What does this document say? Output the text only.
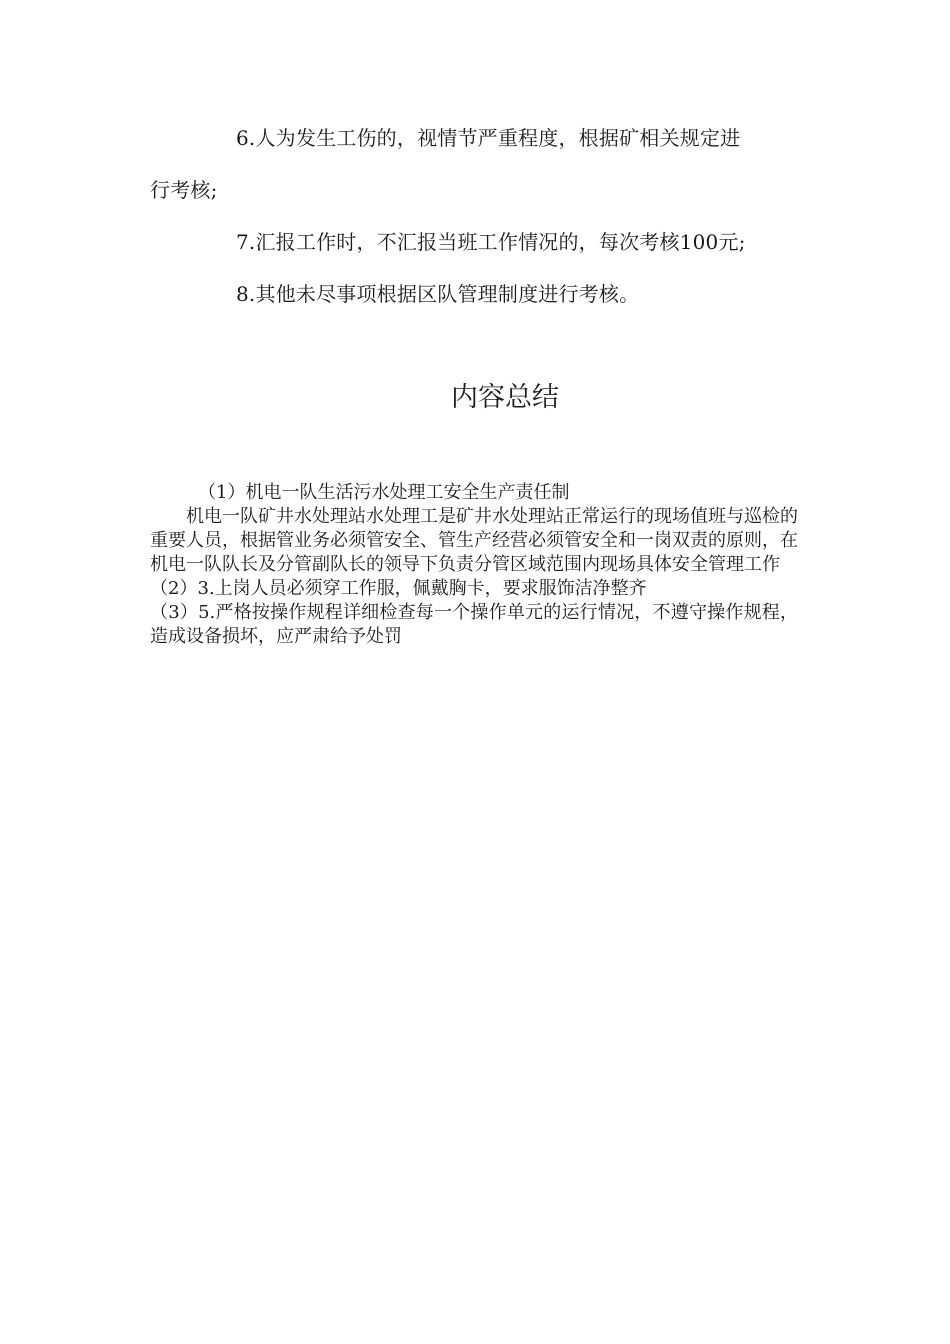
6.人为发生工伤的，视情节严重程度，根据矿相关规定进
行考核;
7.汇报工作时，不汇报当班工作情况的，每次考核100元;
8.其他未尽事项根据区队管理制度进行考核。
内容总结

（1）机电一队生活污水处理工安全生产责任制

机电一队矿井水处理站水处理工是矿井水处理站正常运行的现场值班与巡检的重要人员，根据管业务必须管安全、管生产经营必须管安全和一岗双责的原则，在机电一队队长及分管副队长的领导下负责分管区域范围内现场具体安全管理工作

（2）3.上岗人员必须穿工作服，佩戴胸卡，要求服饰洁净整齐

（3）5.严格按操作规程详细检查每一个操作单元的运行情况，不遵守操作规程，造成设备损坏，应严肃给予处罚
